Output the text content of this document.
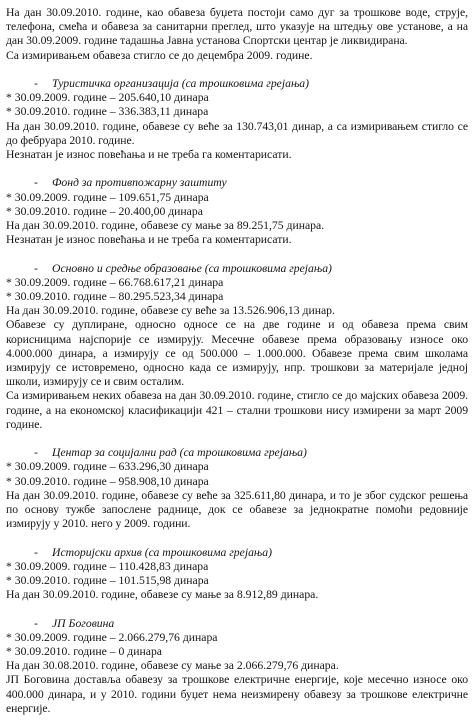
На дан 30.09.2010. године, као обавеза буџета постоји само дуг за трошкове воде, струје, телефона, смећа и обавеза за санитарни преглед, што указује на штедњу ове установе, а на дан 30.09.2009. године тадашња Јавна установа Спортски центар је ликвидирана.

Са измиривањем обавеза стигло се до децембра 2009. године.

- Туристичка организација (са трошковима грејања)

* 30.09.2009. године – 205.640,10 динара

* 30.09.2010. године – 336.383,11 динара

На дан 30.09.2010. године, обавезе су веће за 130.743,01 динар, а са измиривањем стигло се до фебруара 2010. године.

Незнатан је износ повећања и не треба га коментарисати.

- Фонд за противпожарну заштиту

* 30.09.2009. године – 109.651,75 динара

* 30.09.2010. године – 20.400,00 динара

На дан 30.09.2010. године, обавезе су мање за 89.251,75 динара.

Незнатан је износ повећања и не треба га коментарисати.

- Основно и средње образовање (са трошковима грејања)

* 30.09.2009. године – 66.768.617,21 динара

* 30.09.2010. године – 80.295.523,34 динара

На дан 30.09.2010. године, обавезе су веће за 13.526.906,13 динар.

Обавезе су дуплиране, односно односе се на две године и од обавеза према свим корисницима најспорије се измирују. Месечне обавезе према образовању износе око 4.000.000 динара, а измирују се од 500.000 – 1.000.000. Обавезе према свим школама измирују се истовремено, односно када се измирују, нпр. трошкови за материјале једној школи, измирују се и свим осталим.

Са измиривањем неких обавеза на дан 30.09.2010. године, стигло се до мајских обавеза 2009. године, а на економској класификацији 421 – стални трошкови нису измирени за март 2009 године.

- Центар за социјални рад (са трошковима грејања)

* 30.09.2009. године – 633.296,30 динара

* 30.09.2010. године – 958.908,10 динара

На дан 30.09.2010. године, обавезе су веће за 325.611,80 динара, и то је због судског решења по основу тужбе запослене раднице, док се обавезе за једнократне помоћи редовније измирују у 2010. него у 2009. години.

- Историјски архив (са трошковима грејања)

* 30.09.2009. године – 110.428,83 динара

* 30.09.2010. године – 101.515,98 динара

На дан 30.09.2010. године, обавезе су мање за 8.912,89 динара.

- ЈП Боговина

* 30.09.2009. године – 2.066.279,76 динара

* 30.09.2010. године – 0 динара

На дан 30.08.2010. године, обавезе су мање за 2.066.279,76 динара.

ЈП Боговина доставља обавезу за трошкове електричне енергије, које месечно износе око 400.000 динара, и у 2010. години буџет нема неизмирену обавезу за трошкове електричне енергије.
